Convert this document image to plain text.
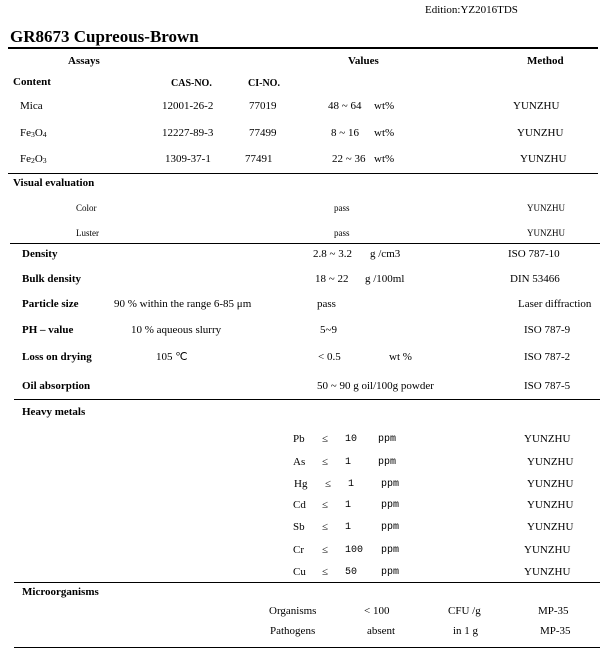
Edition:YZ2016TDS
GR8673 Cupreous-Brown
Assays	Values	Method
Content	CAS-NO.	CI-NO.
Mica	12001-26-2	77019	48 ~ 64 wt%	YUNZHU
Fe3O4	12227-89-3	77499	8 ~ 16 wt%	YUNZHU
Fe2O3	1309-37-1	77491	22 ~ 36 wt%	YUNZHU
Visual evaluation
Color	pass	YUNZHU
Luster	pass	YUNZHU
Density	2.8 ~ 3.2 g /cm3	ISO 787-10
Bulk density	18 ~ 22 g /100ml	DIN 53466
Particle size	90 % within the range 6-85 μm	pass	Laser diffraction
PH – value	10 % aqueous slurry	5~9	ISO 787-9
Loss on drying	105 ℃	< 0.5	wt %	ISO 787-2
Oil absorption	50 ~ 90 g oil/100g powder	ISO 787-5
Heavy metals
Pb ≤ 10 ppm	YUNZHU
As ≤ 1	ppm	YUNZHU
Hg ≤ 1	ppm	YUNZHU
Cd ≤ 1	ppm	YUNZHU
Sb ≤ 1	ppm	YUNZHU
Cr ≤ 100 ppm	YUNZHU
Cu ≤ 50 ppm	YUNZHU
Microorganisms
Organisms	< 100	CFU /g	MP-35
Pathogens	absent	in 1 g	MP-35
